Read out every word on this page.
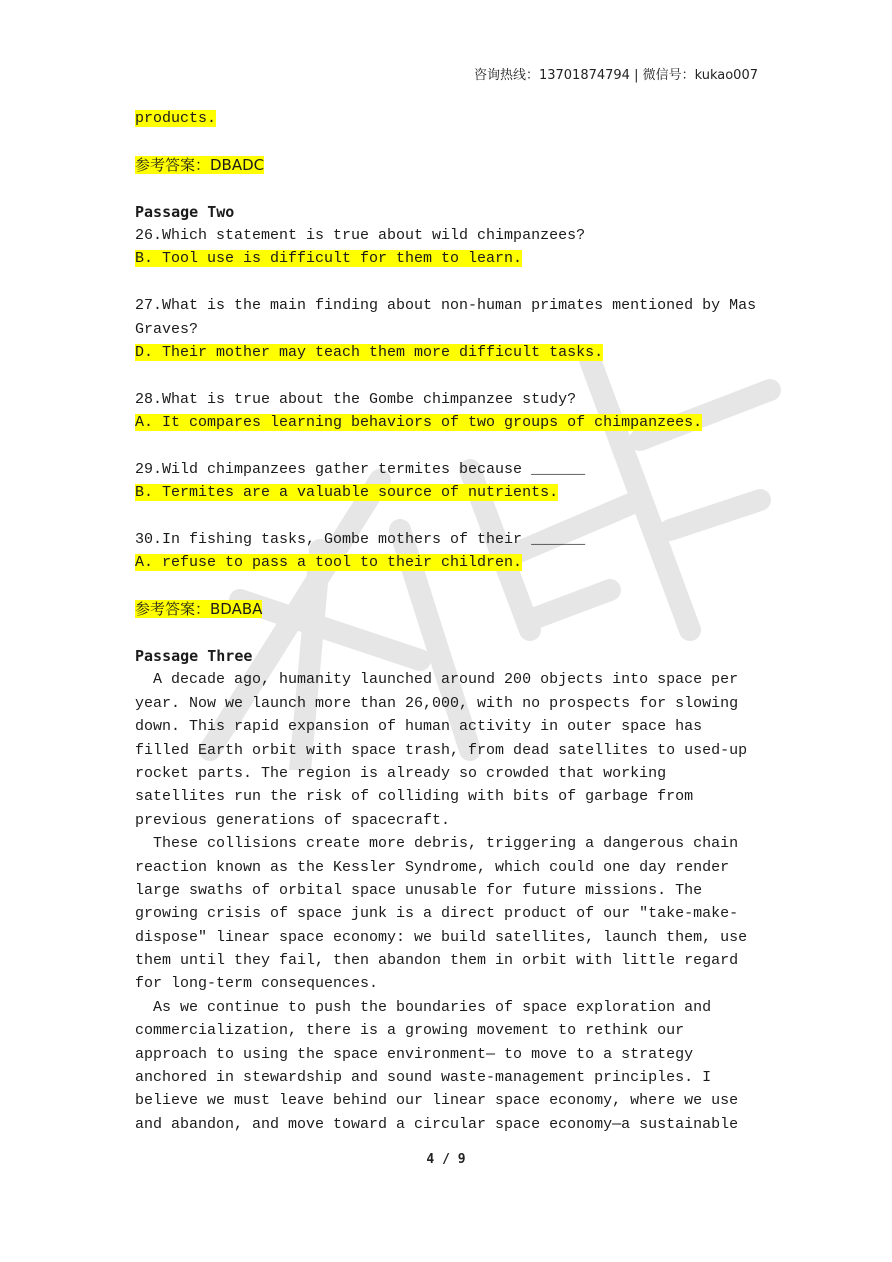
咨询热线：13701874794 | 微信号：kukao007
products.
参考答案：DBADC
Passage Two
26.Which statement is true about wild chimpanzees?
B. Tool use is difficult for them to learn.
27.What is the main finding about non-human primates mentioned by Mas
Graves?
D. Their mother may teach them more difficult tasks.
28.What is true about the Gombe chimpanzee study?
A. It compares learning behaviors of two groups of chimpanzees.
29.Wild chimpanzees gather termites because ______
B. Termites are a valuable source of nutrients.
30.In fishing tasks, Gombe mothers of their ______
A. refuse to pass a tool to their children.
参考答案：BDABA
Passage Three
A decade ago, humanity launched around 200 objects into space per
year. Now we launch more than 26,000, with no prospects for slowing
down. This rapid expansion of human activity in outer space has
filled Earth orbit with space trash, from dead satellites to used-up
rocket parts. The region is already so crowded that working
satellites run the risk of colliding with bits of garbage from
previous generations of spacecraft.
These collisions create more debris, triggering a dangerous chain
reaction known as the Kessler Syndrome, which could one day render
large swaths of orbital space unusable for future missions. The
growing crisis of space junk is a direct product of our "take-make-
dispose" linear space economy: we build satellites, launch them, use
them until they fail, then abandon them in orbit with little regard
for long-term consequences.
As we continue to push the boundaries of space exploration and
commercialization, there is a growing movement to rethink our
approach to using the space environment— to move to a strategy
anchored in stewardship and sound waste-management principles. I
believe we must leave behind our linear space economy, where we use
and abandon, and move toward a circular space economy—a sustainable
4 / 9
